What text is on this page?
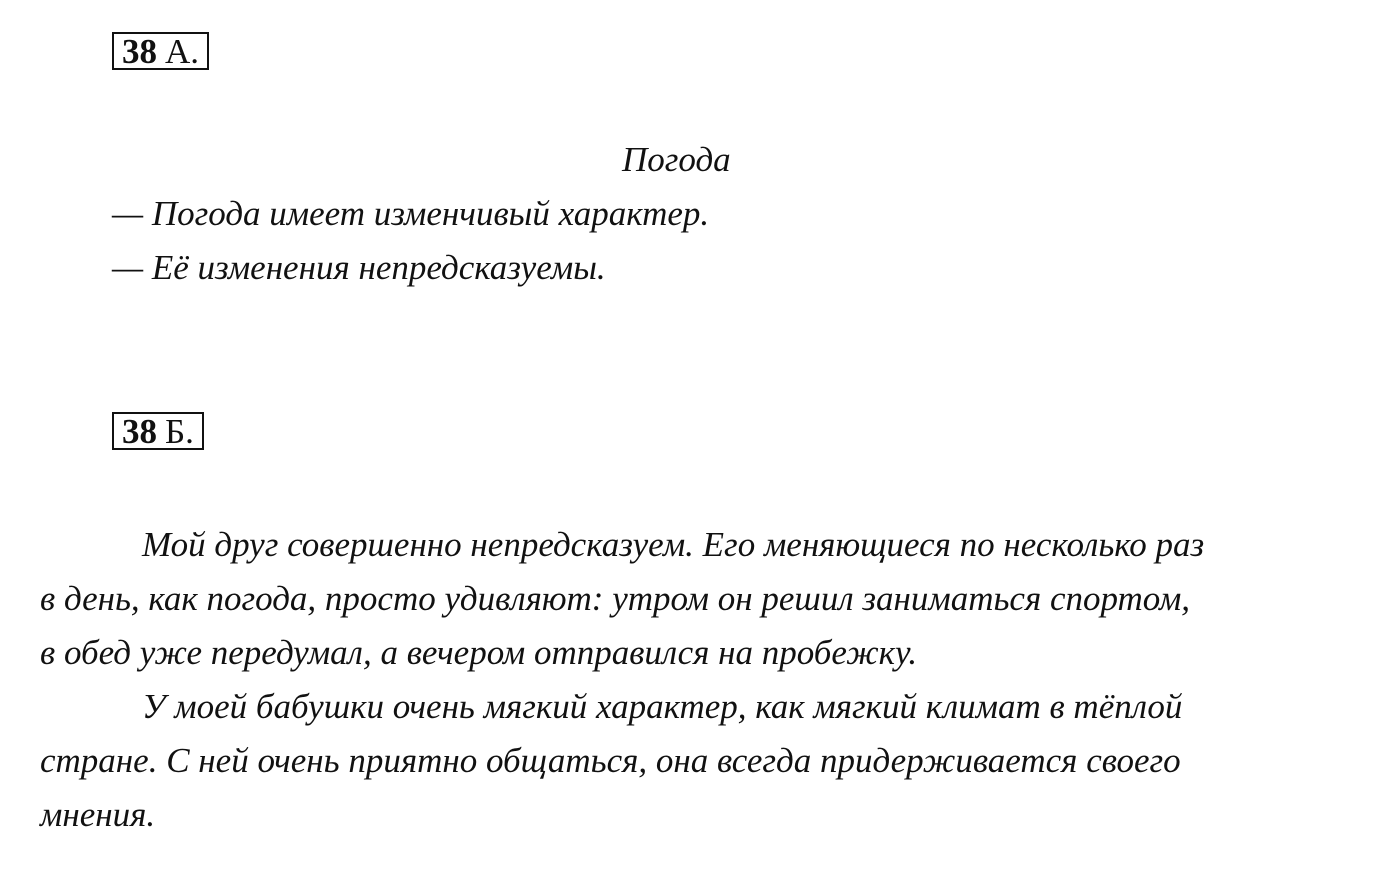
38 А.
Погода
— Погода имеет изменчивый характер.
— Её изменения непредсказуемы.
38 Б.
Мой друг совершенно непредсказуем. Его меняющиеся по несколько раз
в день, как погода, просто удивляют: утром он решил заниматься спортом,
в обед уже передумал, а вечером отправился на пробежку.
У моей бабушки очень мягкий характер, как мягкий климат в тёплой
стране. С ней очень приятно общаться, она всегда придерживается своего
мнения.
